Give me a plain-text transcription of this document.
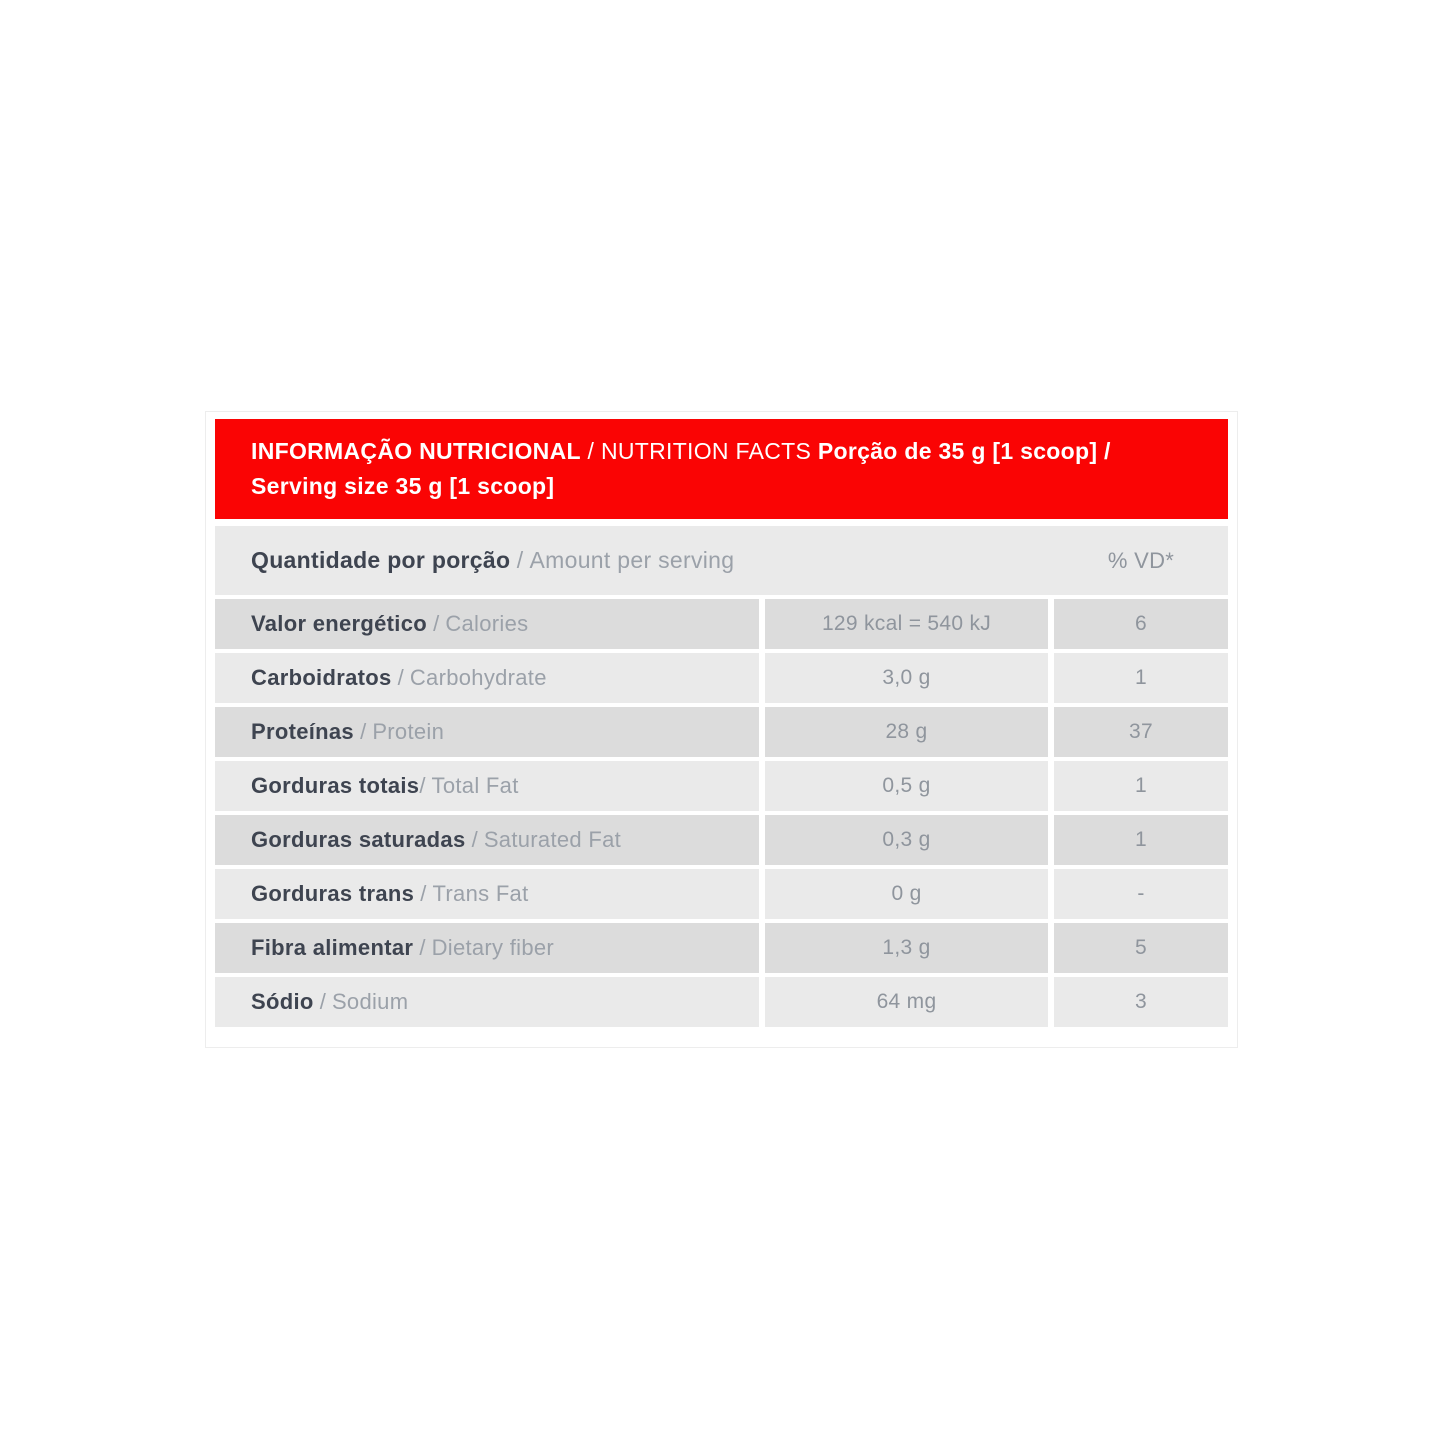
INFORMAÇÃO NUTRICIONAL / NUTRITION FACTS Porção de 35 g [1 scoop] /
Serving size 35 g [1 scoop]
Quantidade por porção / Amount per serving	% VD*
Valor energético / Calories	129 kcal = 540 kJ	6
Carboidratos / Carbohydrate	3,0 g	1
Proteínas / Protein	28 g	37
Gorduras totais / Total Fat	0,5 g	1
Gorduras saturadas / Saturated Fat	0,3 g	1
Gorduras trans / Trans Fat	0 g	-
Fibra alimentar / Dietary fiber	1,3 g	5
Sódio / Sodium	64 mg	3
